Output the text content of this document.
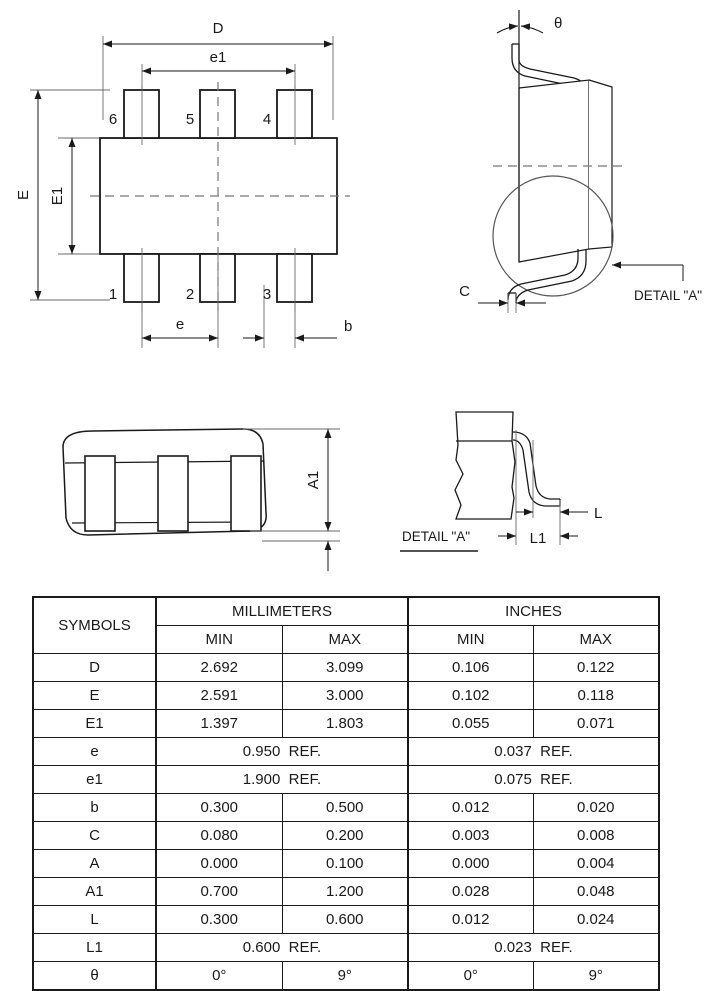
D
e1
6	5	4
1	2	3
E E1
e	b
θ
C	DETAIL "A"
A1
L
L1
DETAIL "A"
SYMBOLS	MILLIMETERS		INCHES	
	MIN	MAX	MIN	MAX
D	2.692	3.099	0.106	0.122
E	2.591	3.000	0.102	0.118
E1	1.397	1.803	0.055	0.071
e	0.950  REF.		0.037  REF.	
e1	1.900  REF.		0.075  REF.	
b	0.300	0.500	0.012	0.020
C	0.080	0.200	0.003	0.008
A	0.000	0.100	0.000	0.004
A1	0.700	1.200	0.028	0.048
L	0.300	0.600	0.012	0.024
L1	0.600  REF.		0.023  REF.	
θ	0°	9°	0°	9°
